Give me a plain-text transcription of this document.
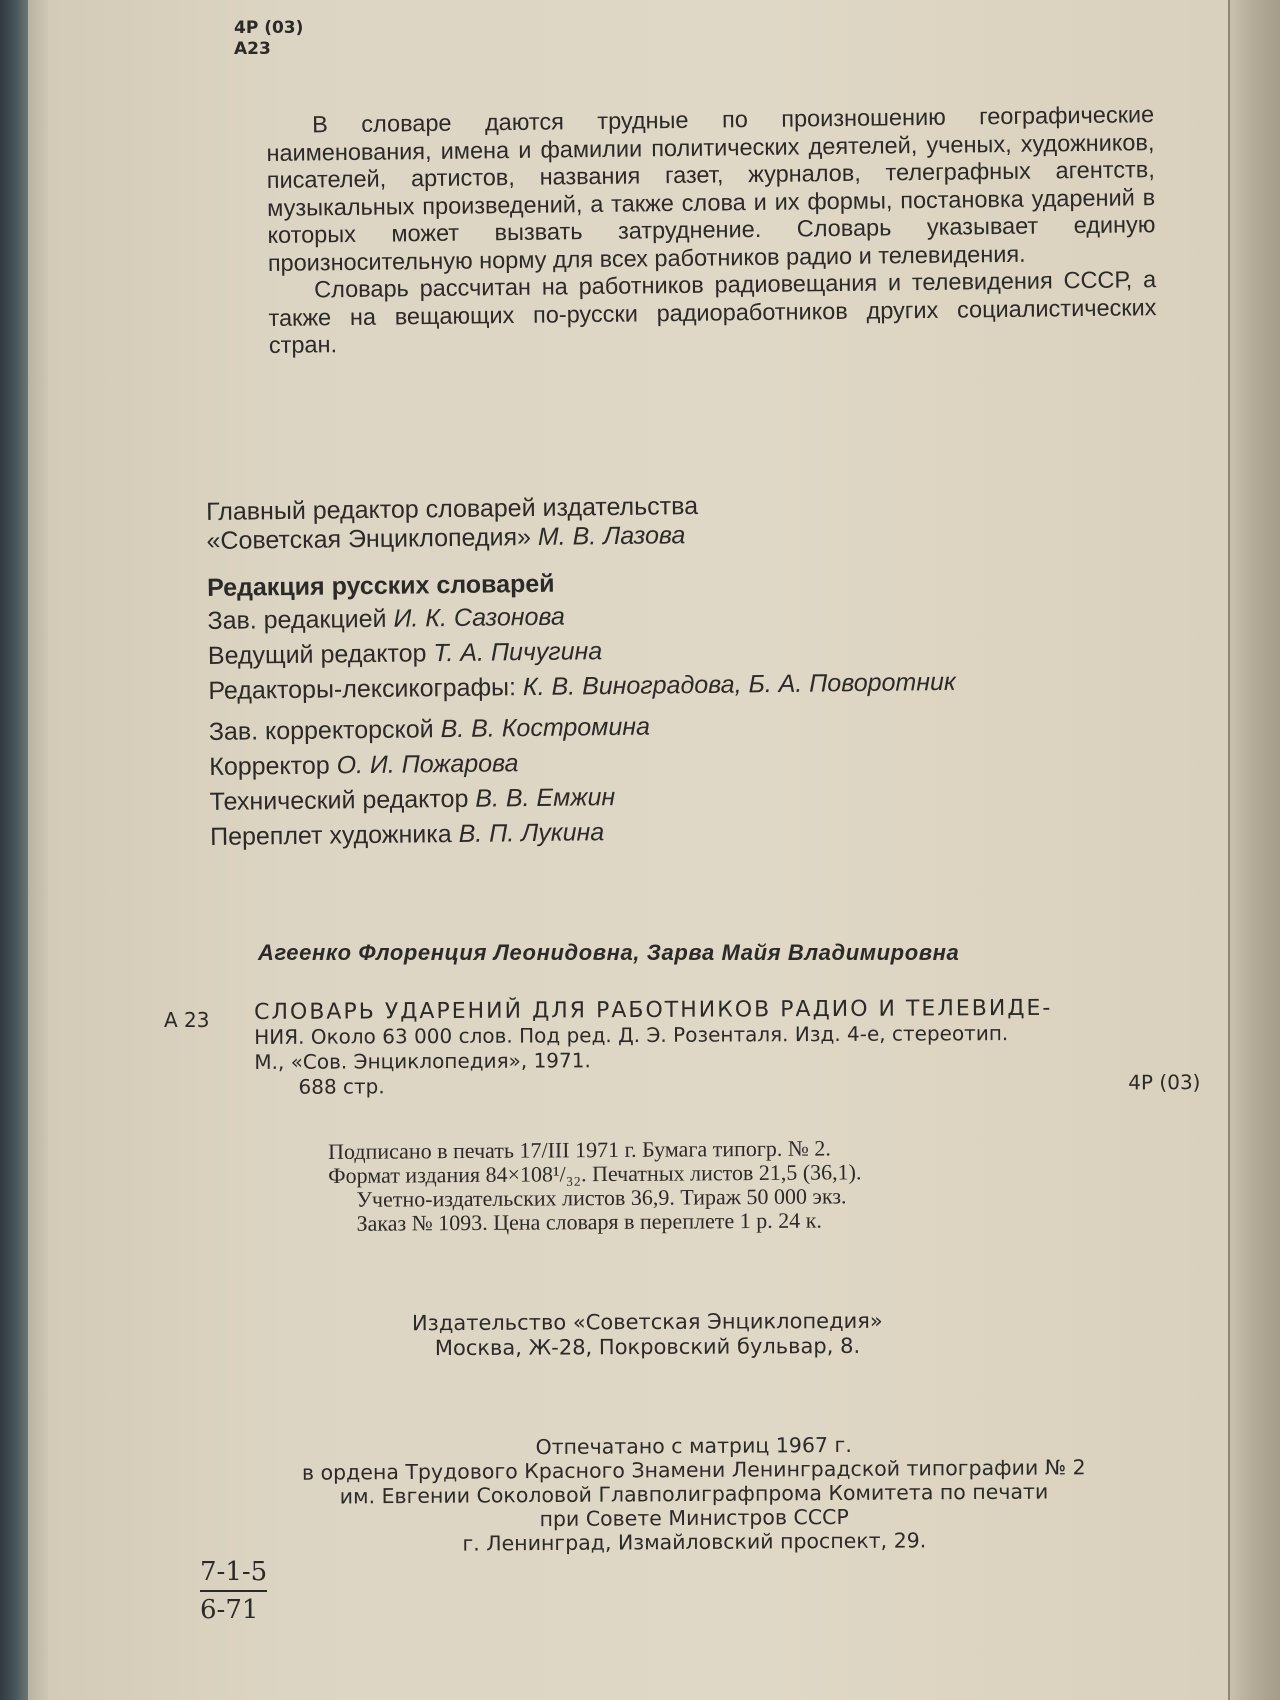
4Р (03)
А23

В словаре даются трудные по произношению географические наименования, имена и фамилии политических деятелей, ученых, художников, писателей, артистов, названия газет, журналов, телеграфных агентств, музыкальных произведений, а также слова и их формы, постановка ударений в которых может вызвать затруднение. Словарь указывает единую произносительную норму для всех работников радио и телевидения.

Словарь рассчитан на работников радиовещания и телевидения СССР, а также на вещающих по-русски радиоработников других социалистических стран.

Главный редактор словарей издательства
«Советская Энциклопедия» М. В. Лазова
Редакция русских словарей
Зав. редакцией И. К. Сазонова
Ведущий редактор Т. А. Пичугина
Редакторы-лексикографы: К. В. Виноградова, Б. А. Поворотник
Зав. корректорской В. В. Костромина
Корректор О. И. Пожарова
Технический редактор В. В. Емжин
Переплет художника В. П. Лукина
Агеенко Флоренция Леонидовна, Зарва Майя Владимировна
А 23 СЛОВАРЬ УДАРЕНИЙ ДЛЯ РАБОТНИКОВ РАДИО И ТЕЛЕВИДЕ-
НИЯ. Около 63 000 слов. Под ред. Д. Э. Розенталя. Изд. 4-е, стереотип.
М., «Сов. Энциклопедия», 1971.
688 стр.	4Р (03)
Подписано в печать 17/III 1971 г. Бумага типогр. № 2.
Формат издания 84×108¹/₃₂. Печатных листов 21,5 (36,1).
Учетно-издательских листов 36,9. Тираж 50 000 экз.
Заказ № 1093. Цена словаря в переплете 1 р. 24 к.
Издательство «Советская Энциклопедия»
Москва, Ж-28, Покровский бульвар, 8.
Отпечатано с матриц 1967 г.
в ордена Трудового Красного Знамени Ленинградской типографии № 2
им. Евгении Соколовой Главполиграфпрома Комитета по печати
при Совете Министров СССР
г. Ленинград, Измайловский проспект, 29.
$\frac{7-1-5}{6-71}$
